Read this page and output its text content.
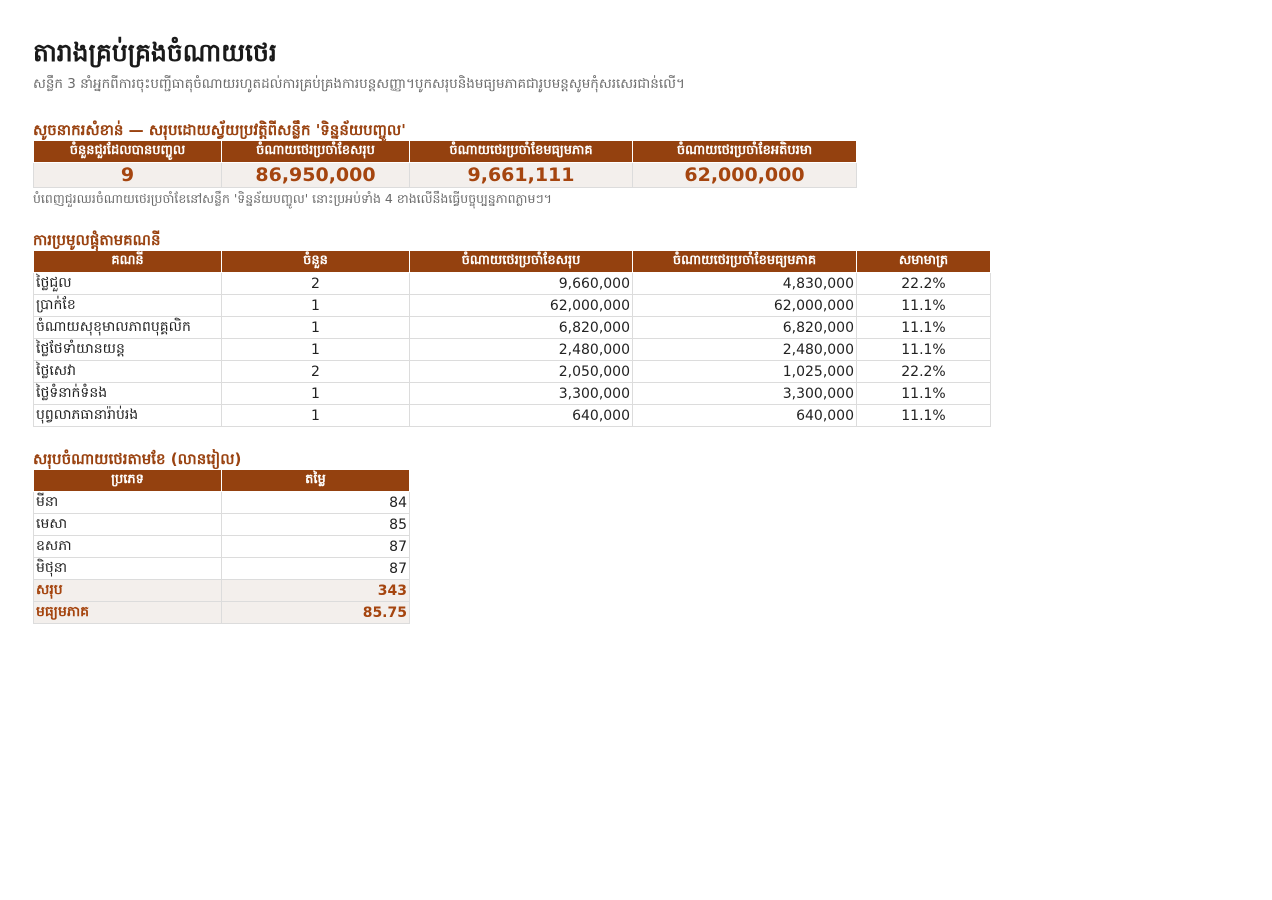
តារាងគ្រប់គ្រងចំណាយថេរ
សន្លឹក 3 នាំអ្នកពីការចុះបញ្ជីធាតុចំណាយរហូតដល់ការគ្រប់គ្រងការបន្តសញ្ញា។បូកសរុបនិងមធ្យមភាគជារូបមន្តសូមកុំសរសេរជាន់លើ។
សូចនាករសំខាន់ — សរុបដោយស្វ័យប្រវត្តិពីសន្លឹក 'ទិន្នន័យបញ្ចូល'
ចំនួនជួរដែលបានបញ្ចូល	ចំណាយថេរប្រចាំខែសរុប	ចំណាយថេរប្រចាំខែមធ្យមភាគ	ចំណាយថេរប្រចាំខែអតិបរមា
9	86,950,000	9,661,111	62,000,000
បំពេញជួរឈរចំណាយថេរប្រចាំខែនៅសន្លឹក 'ទិន្នន័យបញ្ចូល' នោះប្រអប់ទាំង 4 ខាងលើនឹងធ្វើបច្ចុប្បន្នភាពភ្លាមៗ។
ការប្រមូលផ្តុំតាមគណនី
គណនី	ចំនួន	ចំណាយថេរប្រចាំខែសរុប	ចំណាយថេរប្រចាំខែមធ្យមភាគ	សមាមាត្រ
ថ្លៃជួល	2	9,660,000	4,830,000	22.2%
ប្រាក់ខែ	1	62,000,000	62,000,000	11.1%
ចំណាយសុខុមាលភាពបុគ្គលិក	1	6,820,000	6,820,000	11.1%
ថ្លៃថែទាំយានយន្ត	1	2,480,000	2,480,000	11.1%
ថ្លៃសេវា	2	2,050,000	1,025,000	22.2%
ថ្លៃទំនាក់ទំនង	1	3,300,000	3,300,000	11.1%
បុព្វលាភធានារ៉ាប់រង	1	640,000	640,000	11.1%
សរុបចំណាយថេរតាមខែ (លានរៀល)
ប្រភេទ	តម្លៃ
មីនា	84
មេសា	85
ឧសភា	87
មិថុនា	87
សរុប	343
មធ្យមភាគ	85.75
